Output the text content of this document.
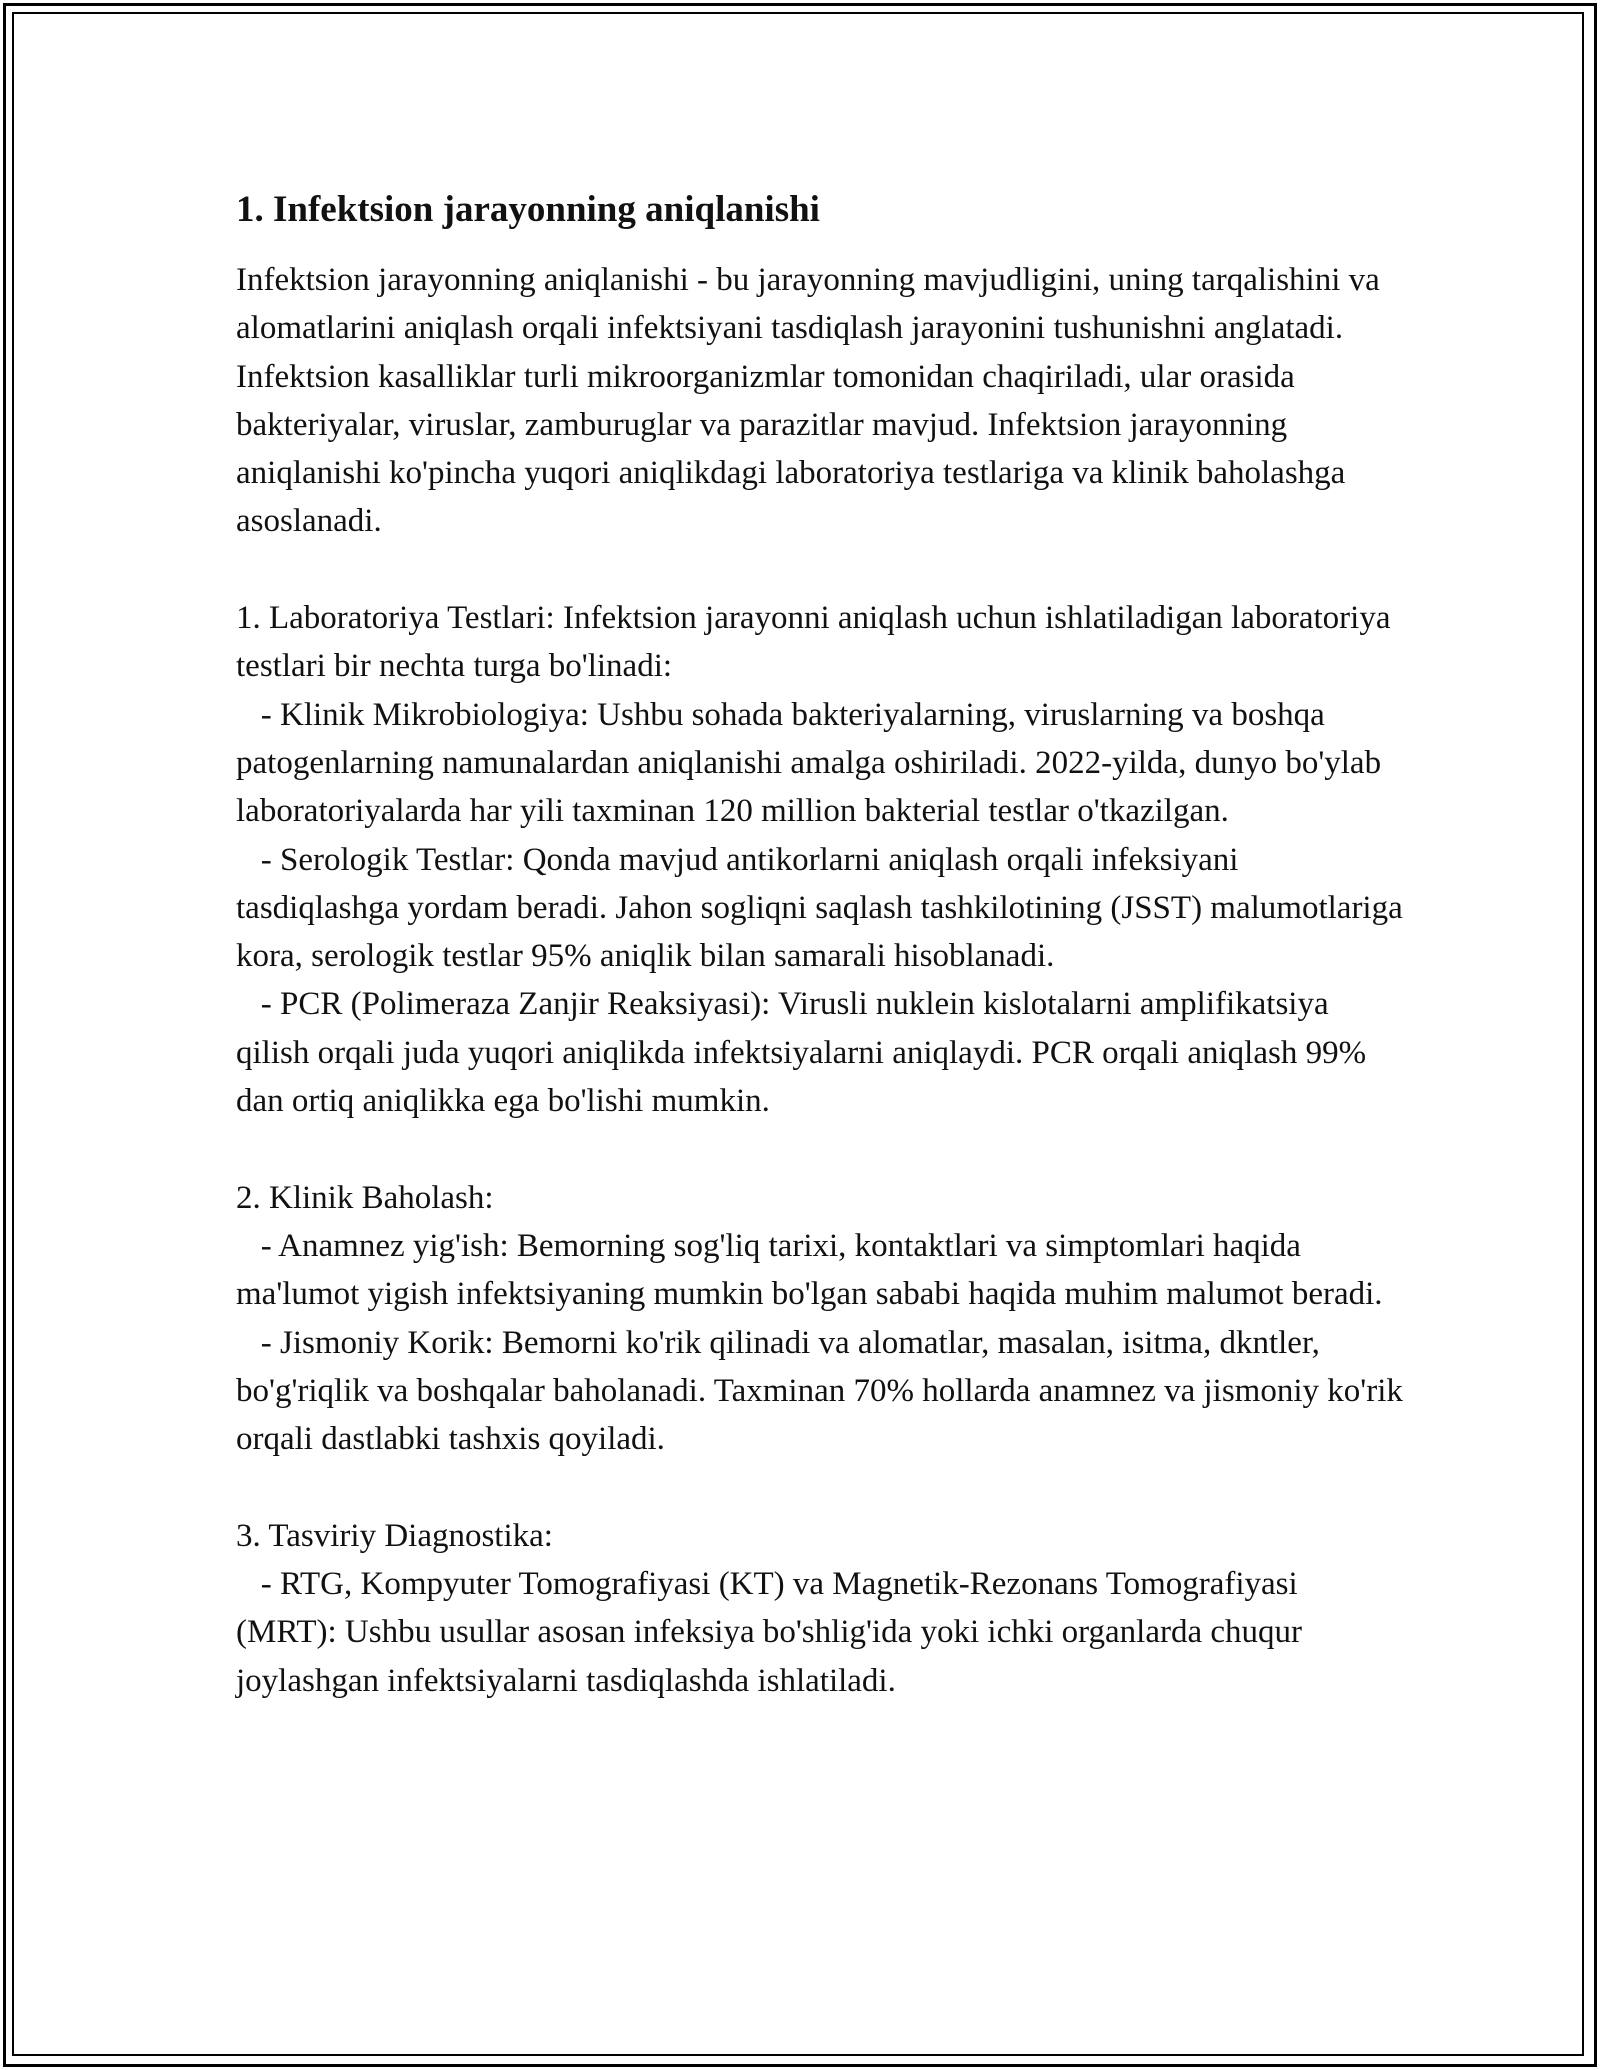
1. Infektsion jarayonning aniqlanishi

Infektsion jarayonning aniqlanishi - bu jarayonning mavjudligini, uning tarqalishini va alomatlarini aniqlash orqali infektsiyani tasdiqlash jarayonini tushunishni anglatadi. Infektsion kasalliklar turli mikroorganizmlar tomonidan chaqiriladi, ular orasida bakteriyalar, viruslar, zamburuglar va parazitlar mavjud. Infektsion jarayonning aniqlanishi ko'pincha yuqori aniqlikdagi laboratoriya testlariga va klinik baholashga asoslanadi.

1. Laboratoriya Testlari: Infektsion jarayonni aniqlash uchun ishlatiladigan laboratoriya testlari bir nechta turga bo'linadi:

- Klinik Mikrobiologiya: Ushbu sohada bakteriyalarning, viruslarning va boshqa patogenlarning namunalardan aniqlanishi amalga oshiriladi. 2022-yilda, dunyo bo'ylab laboratoriyalarda har yili taxminan 120 million bakterial testlar o'tkazilgan.

- Serologik Testlar: Qonda mavjud antikorlarni aniqlash orqali infeksiyani tasdiqlashga yordam beradi. Jahon sogliqni saqlash tashkilotining (JSST) malumotlariga kora, serologik testlar 95% aniqlik bilan samarali hisoblanadi.

- PCR (Polimeraza Zanjir Reaksiyasi): Virusli nuklein kislotalarni amplifikatsiya qilish orqali juda yuqori aniqlikda infektsiyalarni aniqlaydi. PCR orqali aniqlash 99% dan ortiq aniqlikka ega bo'lishi mumkin.

2. Klinik Baholash:

- Anamnez yig'ish: Bemorning sog'liq tarixi, kontaktlari va simptomlari haqida ma'lumot yigish infektsiyaning mumkin bo'lgan sababi haqida muhim malumot beradi.

- Jismoniy Korik: Bemorni ko'rik qilinadi va alomatlar, masalan, isitma, dkntler, bo'g'riqlik va boshqalar baholanadi. Taxminan 70% hollarda anamnez va jismoniy ko'rik orqali dastlabki tashxis qoyiladi.

3. Tasviriy Diagnostika:

- RTG, Kompyuter Tomografiyasi (KT) va Magnetik-Rezonans Tomografiyasi (MRT): Ushbu usullar asosan infeksiya bo'shlig'ida yoki ichki organlarda chuqur joylashgan infektsiyalarni tasdiqlashda ishlatiladi.
